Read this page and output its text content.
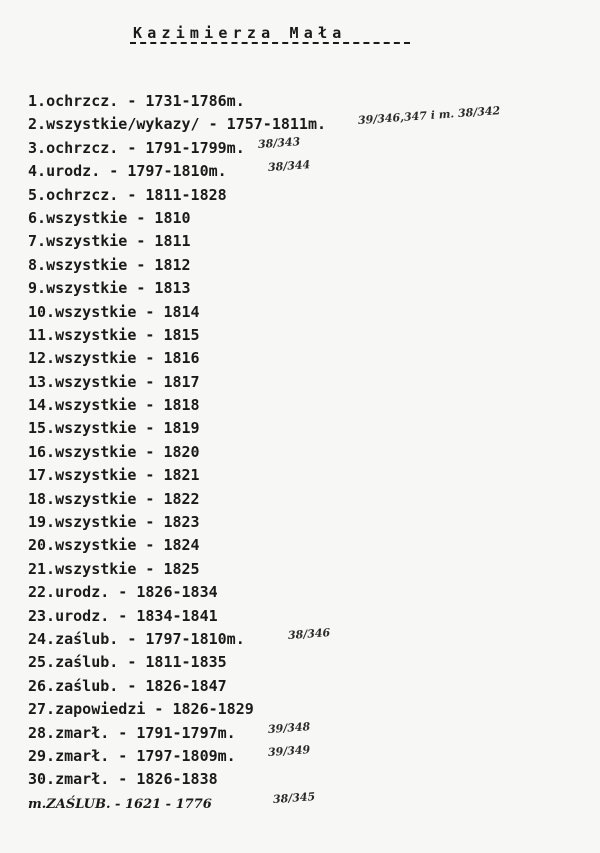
Kazimierza Mała
1.ochrzcz. - 1731-1786m.
2.wszystkie/wykazy/ - 1757-1811m.	39/346,347 i m. 38/342
3.ochrzcz. - 1791-1799m. 38/343
4.urodz. - 1797-1810m.	38/344
5.ochrzcz. - 1811-1828
6.wszystkie - 1810
7.wszystkie - 1811
8.wszystkie - 1812
9.wszystkie - 1813
10.wszystkie - 1814
11.wszystkie - 1815
12.wszystkie - 1816
13.wszystkie - 1817
14.wszystkie - 1818
15.wszystkie - 1819
16.wszystkie - 1820
17.wszystkie - 1821
18.wszystkie - 1822
19.wszystkie - 1823
20.wszystkie - 1824
21.wszystkie - 1825
22.urodz. - 1826-1834
23.urodz. - 1834-1841
24.zaślub. - 1797-1810m.	38/346
25.zaślub. - 1811-1835
26.zaślub. - 1826-1847
27.zapowiedzi - 1826-1829
28.zmarł. - 1791-1797m.	39/348
29.zmarł. - 1797-1809m.	39/349
30.zmarł. - 1826-1838
m.ZAŚLUB. - 1621 - 1776	38/345
